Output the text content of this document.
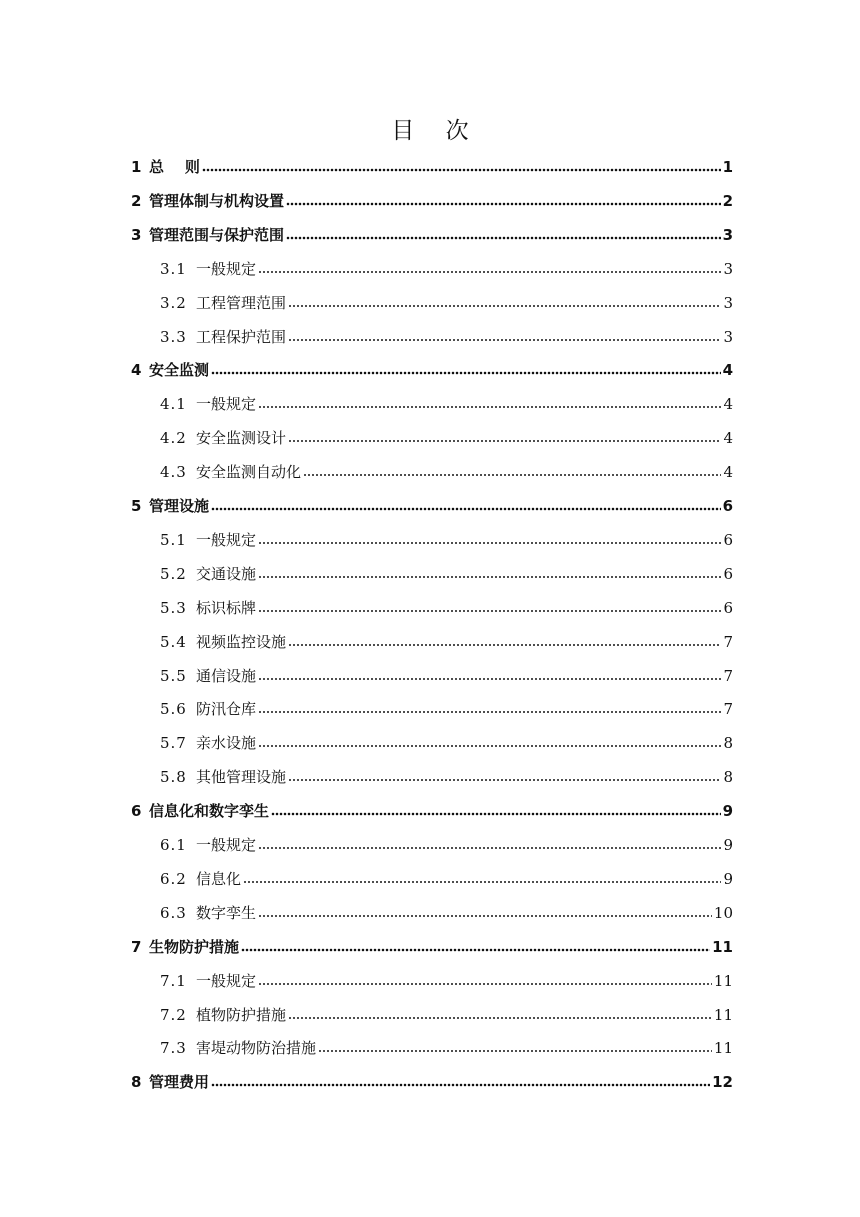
目 次
1 总    则	1
2 管理体制与机构设置	2
3 管理范围与保护范围	3
3.1 一般规定	3
3.2 工程管理范围	3
3.3 工程保护范围	3
4 安全监测	4
4.1 一般规定	4
4.2 安全监测设计	4
4.3 安全监测自动化	4
5 管理设施	6
5.1 一般规定	6
5.2 交通设施	6
5.3 标识标牌	6
5.4 视频监控设施	7
5.5 通信设施	7
5.6 防汛仓库	7
5.7 亲水设施	8
5.8 其他管理设施	8
6 信息化和数字孪生	9
6.1 一般规定	9
6.2 信息化	9
6.3 数字孪生	10
7 生物防护措施	11
7.1 一般规定	11
7.2 植物防护措施	11
7.3 害堤动物防治措施	11
8 管理费用	12
